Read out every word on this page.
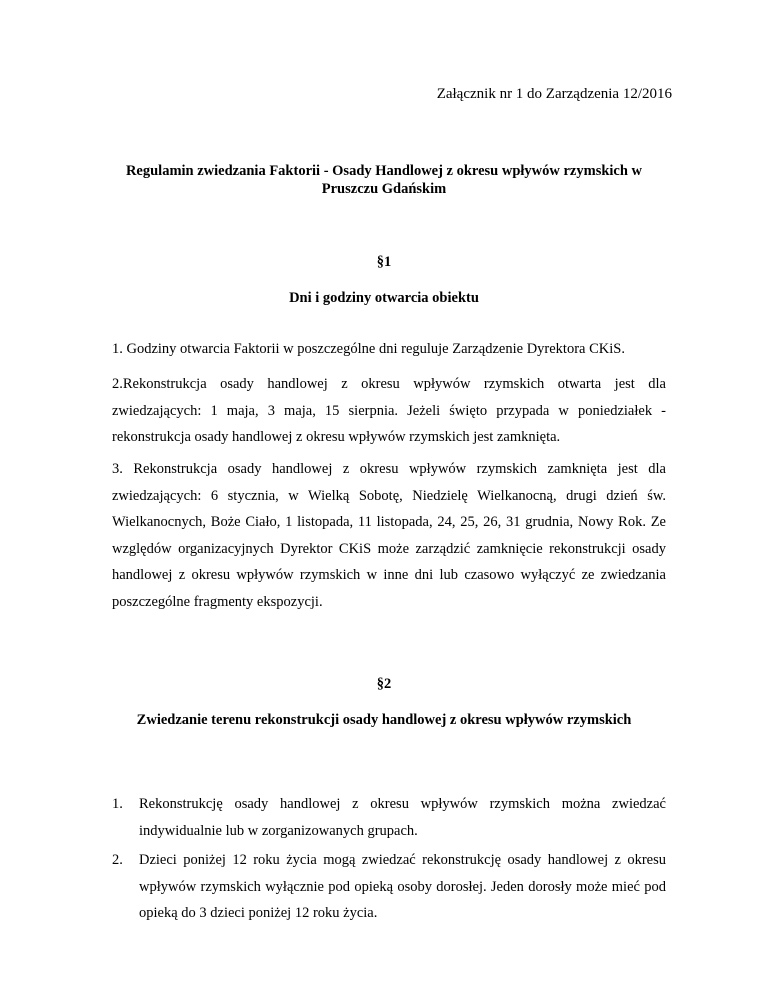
Załącznik nr 1 do Zarządzenia 12/2016

Regulamin zwiedzania Faktorii - Osady Handlowej z okresu wpływów rzymskich w
Pruszczu Gdańskim

§1

Dni i godziny otwarcia obiektu

1. Godziny otwarcia Faktorii w poszczególne dni reguluje Zarządzenie Dyrektora CKiS.

2.Rekonstrukcja osady handlowej z okresu wpływów rzymskich otwarta jest dla zwiedzających: 1 maja, 3 maja, 15 sierpnia. Jeżeli święto przypada w poniedziałek - rekonstrukcja osady handlowej z okresu wpływów rzymskich jest zamknięta.

3. Rekonstrukcja osady handlowej z okresu wpływów rzymskich zamknięta jest dla zwiedzających: 6 stycznia, w Wielką Sobotę, Niedzielę Wielkanocną, drugi dzień św. Wielkanocnych, Boże Ciało, 1 listopada, 11 listopada, 24, 25, 26, 31 grudnia, Nowy Rok. Ze względów organizacyjnych Dyrektor CKiS może zarządzić zamknięcie rekonstrukcji osady handlowej z okresu wpływów rzymskich w inne dni lub czasowo wyłączyć ze zwiedzania poszczególne fragmenty ekspozycji.

§2

Zwiedzanie terenu rekonstrukcji osady handlowej z okresu wpływów rzymskich

1. Rekonstrukcję osady handlowej z okresu wpływów rzymskich można zwiedzać indywidualnie lub w zorganizowanych grupach.
2. Dzieci poniżej 12 roku życia mogą zwiedzać rekonstrukcję osady handlowej z okresu wpływów rzymskich wyłącznie pod opieką osoby dorosłej. Jeden dorosły może mieć pod opieką do 3 dzieci poniżej 12 roku życia.
